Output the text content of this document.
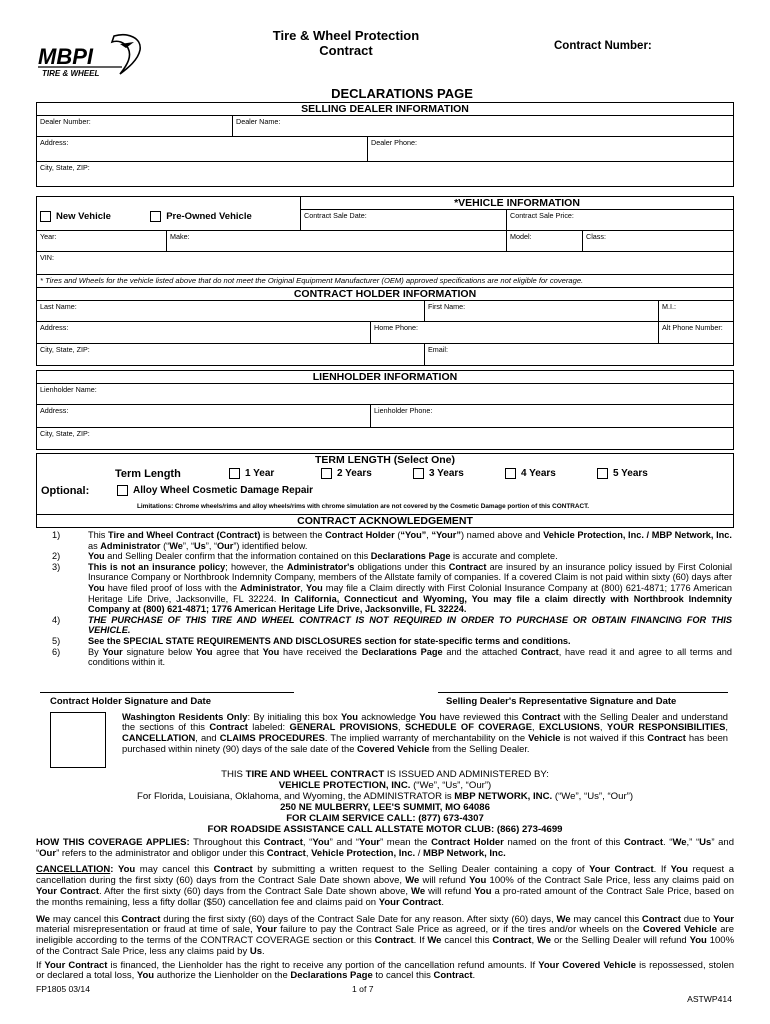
MBPI
TIRE & WHEEL
Tire & Wheel Protection
Contract	Contract Number:
DECLARATIONS PAGE
SELLING DEALER INFORMATION
Dealer Number:	Dealer Name:	
Address:		Dealer Phone:
City, State, ZIP:		
New Vehicle Pre-Owned Vehicle		*VEHICLE INFORMATION		

		Contract Sale Date:	Contract Sale Price:	
Year:	Make:		Model:	Class:
VIN:				
* Tires and Wheels for the vehicle listed above that do not meet the Original Equipment Manufacturer (OEM) approved specifications are not eligible for coverage.
CONTRACT HOLDER INFORMATION
Last Name:		First Name: M.I.:	

Address:	Home Phone:		Alt Phone Number:
City, State, ZIP:		Email:	
LIENHOLDER INFORMATION
Lienholder Name:
Address:	Lienholder Phone:
City, State, ZIP:
TERM LENGTH (Select One)
Term Length	1 Year	2 Years	3 Years	4 Years	5 Years
Optional:	Alloy Wheel Cosmetic Damage Repair
Limitations: Chrome wheels/rims and alloy wheels/rims with chrome simulation are not covered by the Cosmetic Damage portion of this CONTRACT.
CONTRACT ACKNOWLEDGEMENT
1)	This Tire and Wheel Contract (Contract) is between the Contract Holder (“You”, “Your”) named above and Vehicle Protection, Inc. / MBP Network, Inc. as Administrator (“We”, “Us”, “Our”) identified below.
2)	You and Selling Dealer confirm that the information contained on this Declarations Page is accurate and complete.
3)	This is not an insurance policy; however, the Administrator's obligations under this Contract are insured by an insurance policy issued by First Colonial Insurance Company or Northbrook Indemnity Company, members of the Allstate family of companies. If a covered Claim is not paid within sixty (60) days after You have filed proof of loss with the Administrator, You may file a Claim directly with First Colonial Insurance Company at (800) 621-4871; 1776 American Heritage Life Drive, Jacksonville, FL 32224. In California, Connecticut and Wyoming, You may file a claim directly with Northbrook Indemnity Company at (800) 621-4871; 1776 American Heritage Life Drive, Jacksonville, FL 32224.
4)	THE PURCHASE OF THIS TIRE AND WHEEL CONTRACT IS NOT REQUIRED IN ORDER TO PURCHASE OR OBTAIN FINANCING FOR THIS VEHICLE.
5)	See the SPECIAL STATE REQUIREMENTS AND DISCLOSURES section for state-specific terms and conditions.
6)	By Your signature below You agree that You have received the Declarations Page and the attached Contract, have read it and agree to all terms and conditions within it.
Contract Holder Signature and Date	Selling Dealer's Representative Signature and Date
Washington Residents Only: By initialing this box You acknowledge You have reviewed this Contract with the Selling Dealer and understand the sections of this Contract labeled: GENERAL PROVISIONS, SCHEDULE OF COVERAGE, EXCLUSIONS, YOUR RESPONSIBILITIES, CANCELLATION, and CLAIMS PROCEDURES. The implied warranty of merchantability on the Vehicle is not waived if this Contract has been purchased within ninety (90) days of the sale date of the Covered Vehicle from the Selling Dealer.
THIS TIRE AND WHEEL CONTRACT IS ISSUED AND ADMINISTERED BY:
VEHICLE PROTECTION, INC. (“We”, “Us”, “Our”)
For Florida, Louisiana, Oklahoma, and Wyoming, the ADMINISTRATOR is MBP NETWORK, INC. (“We”, “Us”, “Our”)
250 NE MULBERRY, LEE'S SUMMIT, MO 64086
FOR CLAIM SERVICE CALL: (877) 673-4307
FOR ROADSIDE ASSISTANCE CALL ALLSTATE MOTOR CLUB: (866) 273-4699

HOW THIS COVERAGE APPLIES: Throughout this Contract, “You” and “Your” mean the Contract Holder named on the front of this Contract. “We,” “Us” and “Our” refers to the administrator and obligor under this Contract, Vehicle Protection, Inc. / MBP Network, Inc.

CANCELLATION: You may cancel this Contract by submitting a written request to the Selling Dealer containing a copy of Your Contract. If You request a cancellation during the first sixty (60) days from the Contract Sale Date shown above, We will refund You 100% of the Contract Sale Price, less any claims paid on Your Contract. After the first sixty (60) days from the Contract Sale Date shown above, We will refund You a pro-rated amount of the Contract Sale Price, based on the months remaining, less a fifty dollar ($50) cancellation fee and claims paid on Your Contract.

We may cancel this Contract during the first sixty (60) days of the Contract Sale Date for any reason. After sixty (60) days, We may cancel this Contract due to Your material misrepresentation or fraud at time of sale, Your failure to pay the Contract Sale Price as agreed, or if the tires and/or wheels on the Covered Vehicle are ineligible according to the terms of the CONTRACT COVERAGE section or this Contract. If We cancel this Contract, We or the Selling Dealer will refund You 100% of the Contract Sale Price, less any claims paid by Us.

If Your Contract is financed, the Lienholder has the right to receive any portion of the cancellation refund amounts. If Your Covered Vehicle is repossessed, stolen or declared a total loss, You authorize the Lienholder on the Declarations Page to cancel this Contract.

FP1805 03/14	1 of 7
ASTWP414
